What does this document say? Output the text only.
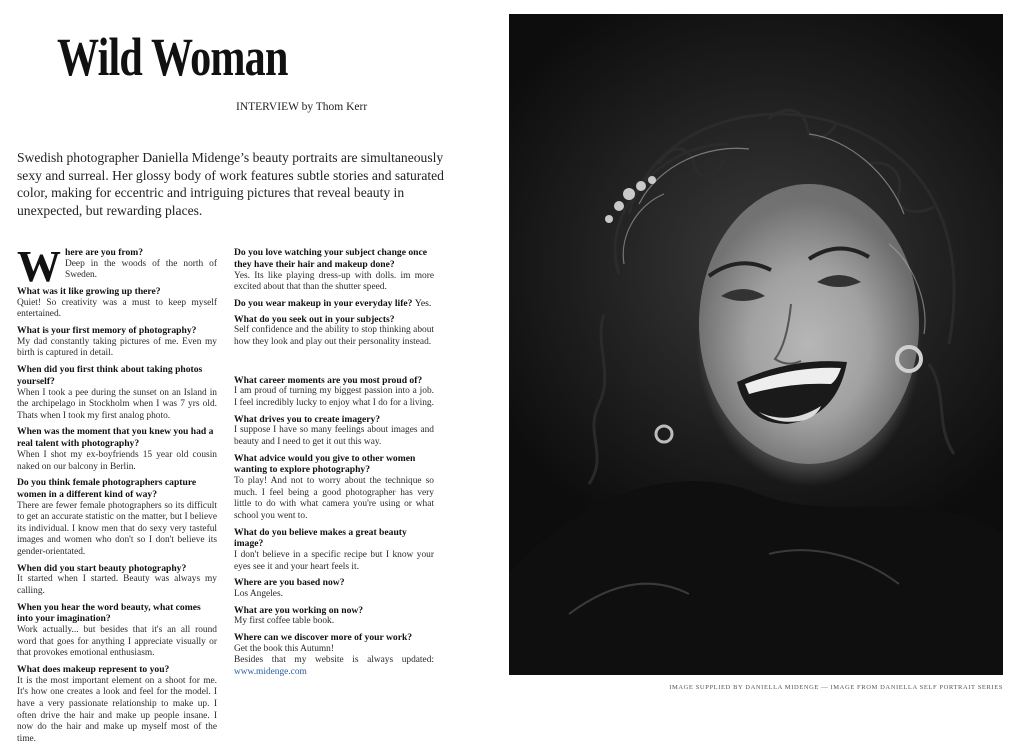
Wild Woman
INTERVIEW by Thom Kerr

Swedish photographer Daniella Midenge’s beauty portraits are simultaneously sexy and surreal. Her glossy body of work features subtle stories and saturated color, making for eccentric and intriguing pictures that reveal beauty in unexpected, but rewarding places.

W here are you from?

Deep in the woods of the north of Sweden.

What was it like growing up there?

Quiet! So creativity was a must to keep myself entertained.

What is your first memory of photography?

My dad constantly taking pictures of me. Even my birth is captured in detail.

When did you first think about taking photos yourself?

When I took a pee during the sunset on an Island in the archipelago in Stockholm when I was 7 yrs old. Thats when I took my first analog photo.

When was the moment that you knew you had a real talent with photography?

When I shot my ex-boyfriends 15 year old cousin naked on our balcony in Berlin.

Do you think female photographers capture women in a different kind of way?

There are fewer female photographers so its difficult to get an accurate statistic on the matter, but I believe its individual. I know men that do sexy very tasteful images and women who don't so I don't believe its gender-orientated.

When did you start beauty photography?

It started when I started. Beauty was always my calling.

When you hear the word beauty, what comes into your imagination?

Work actually... but besides that it's an all round word that goes for anything I appreciate visually or that provokes emotional enthusiasm.

What does makeup represent to you?

It is the most important element on a shoot for me. It's how one creates a look and feel for the model. I have a very passionate relationship to make up. I often drive the hair and make up people insane. I now do the hair and make up myself most of the time.

Do you love watching your subject change once they have their hair and makeup done?

Yes. Its like playing dress-up with dolls. im more excited about that than the shutter speed.

Do you wear makeup in your everyday life? Yes.

What do you seek out in your subjects?

Self confidence and the ability to stop thinking about how they look and play out their personality instead.

What career moments are you most proud of?

I am proud of turning my biggest passion into a job. I feel incredibly lucky to enjoy what I do for a living.

What drives you to create imagery?

I suppose I have so many feelings about images and beauty and I need to get it out this way.

What advice would you give to other women wanting to explore photography?

To play! And not to worry about the technique so much. I feel being a good photographer has very little to do with what camera you're using or what school you went to.

What do you believe makes a great beauty image?

I don't believe in a specific recipe but I know your eyes see it and your heart feels it.

Where are you based now?

Los Angeles.

What are you working on now?

My first coffee table book.

Where can we discover more of your work?

Get the book this Autumn!

Besides that my website is always updated: www.midenge.com

IMAGE SUPPLIED BY DANIELLA MIDENGE — IMAGE FROM DANIELLA SELF PORTRAIT SERIES
